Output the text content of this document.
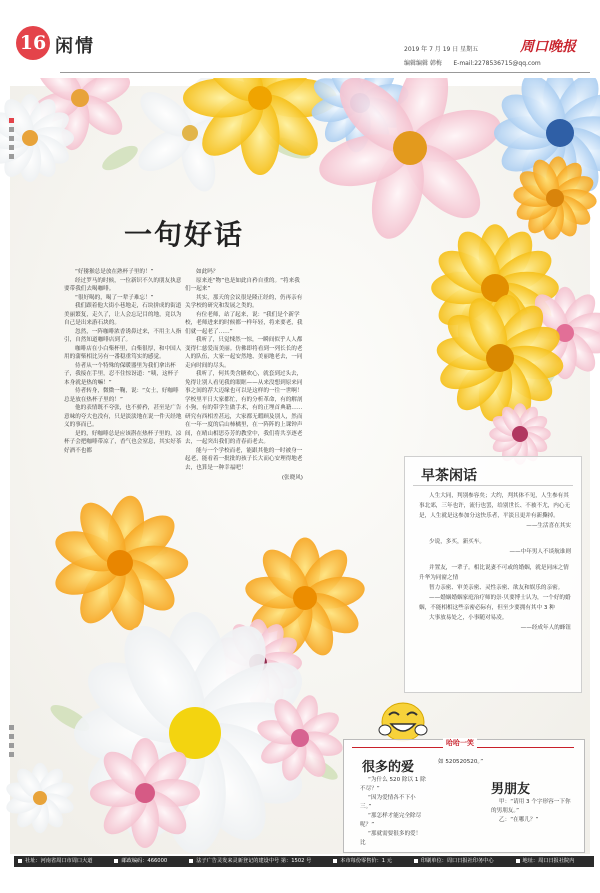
16 闲情	2019 年 7 月 19 日 星期五	周口晚报
编辑编辑 韩梅 E-mail:2278536715@qq.com
一句好话

“好猕猴总是放在熟杯子里的！”

经过罗马的时候，一位新识不久的朋友执意要带我们去喝咖啡。

“很好喝的，喝了一辈子难忘！”

我们跟着他大街小巷地走，石块拼成的街道美丽繁复，走久了，让人会忘记目的地，竟以为自己是出来游石块的。

忽然，一阵咖啡浓香诱鼻过来，不用主人指引，自然知道咖啡店到了。

咖啡店在小白柴杯里，白柴很厚，和中国人用的蒲柴相比另有一番稳重笃实的感觉。

侍者从一个特殊的保暖器里为我们拿出杯子，我接在手里，忍不住惊讶道：“咦，这杯子本身就是热的嘛！”

侍者转身，微微一鞠，说：“女士，好咖啡总是放在热杯子里的！”

他的表情既不夸张，也不骄矜，甚至是广告意味的夸大也没有，只是淡淡地在说一件天经地义的事而已。

是的，好咖啡总是应该斟在热杯子里的，凉杯子会把咖啡带凉了，香气也会窒息，其实好茶好酒不也都

如此吗？

原来连“物”也是如此自矜自重的。“将来我们一起来”

其实，那天的会议很是隆正经的，仍再亲有关学校的研究和发展之类的。

有位老师，站了起来，说：“我们是个新学校，老师进来的时候都一样年轻，将来要老，我们就一起老了……”

我听了，只觉悚然一惊，一瞬间似乎人人都变得仁慈爱而美丽。仿佛即将看到一列长长的老人的队伍，大家一起安然地、美丽地老去，一同走向时间的尽头。

我听了，何其类含糖欢心，就套到过头去，免得让别人看见我的眼眶——从来没想到原来同事之间的荐大迈缘也可以是这样的一往一世啊！学校里平日大家都忙，有的分析革命，有的解剖小狗，有的带学生做手术，有的正埋首典籍……研究有西相差甚远，大家都无暇顾及别人，然而在一年一度的后山柿橘里，在一阵阵的上课钟声间，在晴山相思芬芳的教堂中，我们将共享逐老去，一起突出我们的青春而老去。

能与一个学校而老，能跟其他的一时被身一起老，能看着一批批的孩子长大而心安理得地老去，也算是一种幸福吧！

(张晓风)	早茶闲话

人生大同，判别参容矣；大约，判其体不见，人生参有其事北郊，三年也许，流行也罢，给别世长、不被不尤，内心无是，人生就是这参加分这快乐者，平淡且更并有新撕掉。

——生活喜在其实

少说，多买，新买车。

——中年男人不谈航谁则

并置友，一辈子。相比说妻不可或的婚姻，就是同床之情升华为同窗之情

智力亲密、审美亲密、灵性亲密、欲友和娱乐的亲密。

——婚姻婚姻家庭治疗师的崇·贝要博士认为，一个好的婚姻，不能相相这些亲密必际有，但至少要拥有其中 3 种

大事放易处之，小事随对易凌。

——经成年人的蜂钮

哈哈一笑
很多的爱

“为什么 520 除以 1 除不尽？”

“因为爱情各不下小三。”

“那怎样才能完全除尽呢？”

“那就需要很多的爱！比

如 520520520。”

男朋友

甲：“请用 3 个字形容一下你的男朋友。”

乙：“在哪儿？”

社址：河南省周口市周口大道	邮政编码：466000	法子广告灵发来灵新登记的建设中号 第：1502 号	本市每份零售价：1 元	印刷单位：周口日报社印务中心	地址：周口日报社院内
